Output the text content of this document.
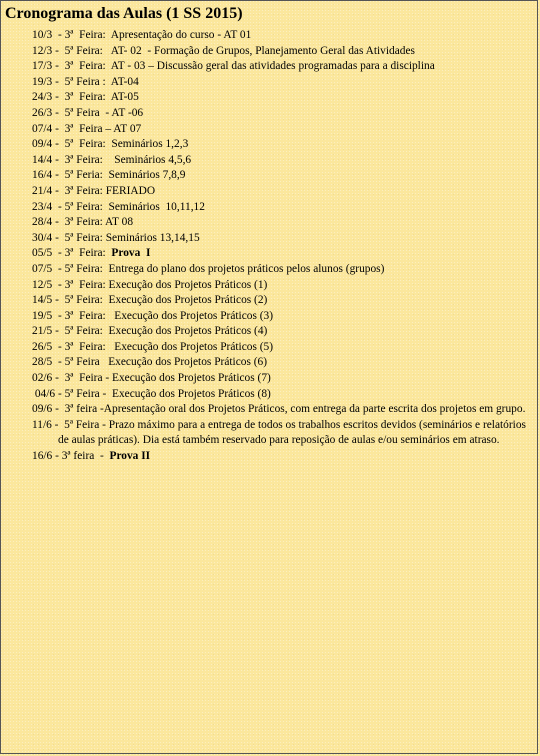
Cronograma das Aulas (1 SS 2015)
10/3  - 3ª  Feira:  Apresentação do curso - AT 01
12/3 -  5ª Feira:   AT- 02  - Formação de Grupos, Planejamento Geral das Atividades
17/3 -  3ª  Feira:  AT - 03 – Discussão geral das atividades programadas para a disciplina
19/3 -  5ª Feira :  AT-04
24/3 -  3ª  Feira:  AT-05
26/3 -  5ª Feira  - AT -06
07/4 -  3ª  Feira – AT 07
09/4 -  5ª  Feira:  Seminários 1,2,3
14/4 -  3ª Feira:    Seminários 4,5,6
16/4 -  5ª Feria:  Seminários 7,8,9
21/4 -  3ª Feira: FERIADO
23/4  - 5ª Feira:  Seminários  10,11,12
28/4 -  3ª Feira: AT 08
30/4 -  5ª Feira: Seminários 13,14,15
05/5  - 3ª  Feira:  Prova  I
07/5  - 5ª Feira:  Entrega do plano dos projetos práticos pelos alunos (grupos)
12/5  - 3ª  Feira: Execução dos Projetos Práticos (1)
14/5 -  5ª Feira:  Execução dos Projetos Práticos (2)
19/5  - 3ª  Feira:   Execução dos Projetos Práticos (3)
21/5 -  5ª Feira:  Execução dos Projetos Práticos (4)
26/5  - 3ª  Feira:   Execução dos Projetos Práticos (5)
28/5  - 5ª Feira   Execução dos Projetos Práticos (6)
02/6 -  3ª  Feira - Execução dos Projetos Práticos (7)
04/6 - 5ª Feira -  Execução dos Projetos Práticos (8)
09/6 -  3ª feira -Apresentação oral dos Projetos Práticos, com entrega da parte escrita dos projetos em grupo.
11/6 -  5ª Feira - Prazo máximo para a entrega de todos os trabalhos escritos devidos (seminários e relatórios de aulas práticas). Dia está também reservado para reposição de aulas e/ou seminários em atraso.
16/6 - 3ª feira  -  Prova II
